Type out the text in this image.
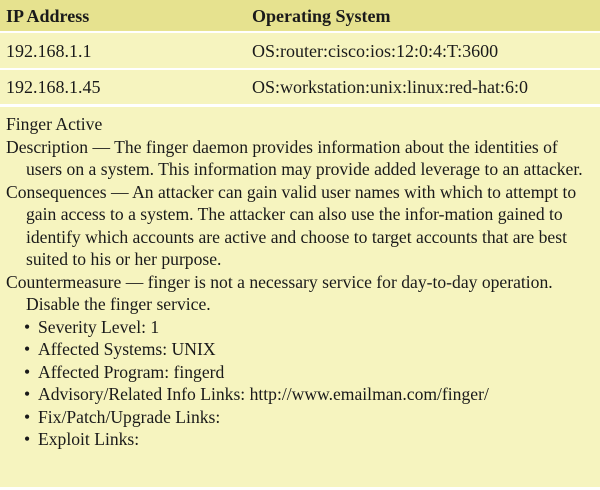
IP Address	Operating System
192.168.1.1	OS:router:cisco:ios:12:0:4:T:3600
192.168.1.45	OS:workstation:unix:linux:red-hat:6:0

Finger Active

Description — The finger daemon provides information about the identities of users on a system. This information may provide added leverage to an attacker.

Consequences — An attacker can gain valid user names with which to attempt to gain access to a system. The attacker can also use the infor-mation gained to identify which accounts are active and choose to target accounts that are best suited to his or her purpose.

Countermeasure — finger is not a necessary service for day-to-day operation. Disable the finger service.

• Severity Level: 1
• Affected Systems: UNIX
• Affected Program: fingerd
• Advisory/Related Info Links: http://www.emailman.com/finger/
• Fix/Patch/Upgrade Links:
• Exploit Links:
